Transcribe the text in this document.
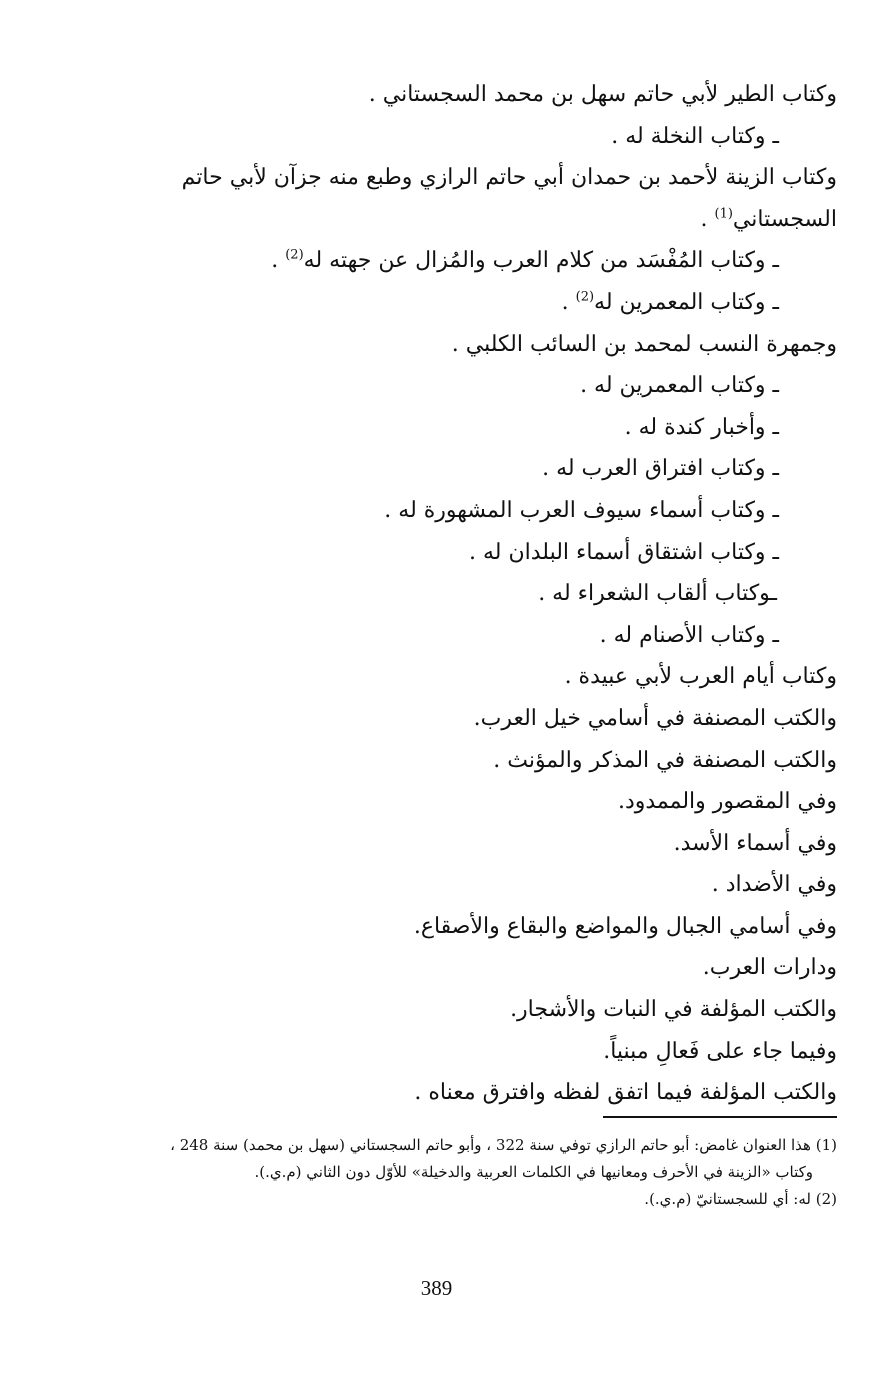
وكتاب الطير لأبي حاتم سهل بن محمد السجستاني .
ـ وكتاب النخلة له .
وكتاب الزينة لأحمد بن حمدان أبي حاتم الرازي وطبع منه جزآن لأبي حاتم
السجستاني$^{(1)}$ .
ـ وكتاب المُفْسَد من كلام العرب والمُزال عن جهته له$^{(2)}$ .
ـ وكتاب المعمرين له$^{(2)}$ .
وجمهرة النسب لمحمد بن السائب الكلبي .
ـ وكتاب المعمرين له .
ـ وأخبار كندة له .
ـ وكتاب افتراق العرب له .
ـ وكتاب أسماء سيوف العرب المشهورة له .
ـ وكتاب اشتقاق أسماء البلدان له .
ـوكتاب ألقاب الشعراء له .
ـ وكتاب الأصنام له .
وكتاب أيام العرب لأبي عبيدة .
والكتب المصنفة في أسامي خيل العرب.
والكتب المصنفة في المذكر والمؤنث .
وفي المقصور والممدود.
وفي أسماء الأسد.
وفي الأضداد .
وفي أسامي الجبال والمواضع والبقاع والأصقاع.
ودارات العرب.
والكتب المؤلفة في النبات والأشجار.
وفيما جاء على فَعالِ مبنياً.
والكتب المؤلفة فيما اتفق لفظه وافترق معناه .
(1) هذا العنوان غامض: أبو حاتم الرازي توفي سنة 322 ، وأبو حاتم السجستاني (سهل بن محمد) سنة 248 ،
وكتاب «الزينة في الأحرف ومعانيها في الكلمات العربية والدخيلة» للأوّل دون الثاني (م.ي.).
(2) له: أي للسجستانيّ (م.ي.).
389
